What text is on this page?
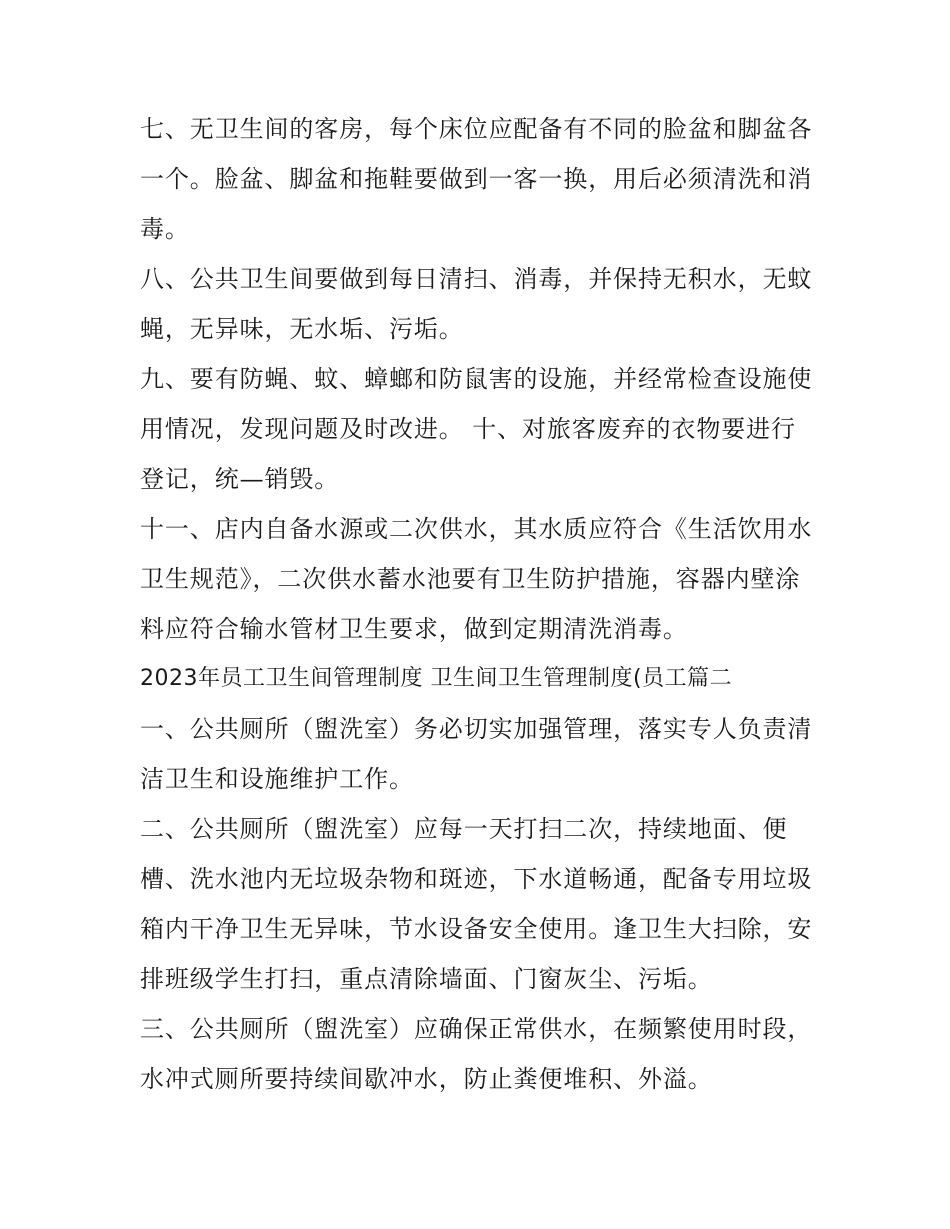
七、无卫生间的客房，每个床位应配备有不同的脸盆和脚盆各一个。脸盆、脚盆和拖鞋要做到一客一换，用后必须清洗和消毒。

八、公共卫生间要做到每日清扫、消毒，并保持无积水，无蚊蝇，无异味，无水垢、污垢。

九、要有防蝇、蚊、蟑螂和防鼠害的设施，并经常检查设施使用情况，发现问题及时改进。 十、对旅客废弃的衣物要进行登记，统—销毁。

十一、店内自备水源或二次供水，其水质应符合《生活饮用水卫生规范》，二次供水蓄水池要有卫生防护措施，容器内壁涂料应符合输水管材卫生要求，做到定期清洗消毒。

2023年员工卫生间管理制度 卫生间卫生管理制度(员工篇二

一、公共厕所（盥洗室）务必切实加强管理，落实专人负责清洁卫生和设施维护工作。

二、公共厕所（盥洗室）应每一天打扫二次，持续地面、便槽、洗水池内无垃圾杂物和斑迹，下水道畅通，配备专用垃圾箱内干净卫生无异味，节水设备安全使用。逢卫生大扫除，安排班级学生打扫，重点清除墙面、门窗灰尘、污垢。

三、公共厕所（盥洗室）应确保正常供水，在频繁使用时段，水冲式厕所要持续间歇冲水，防止粪便堆积、外溢。
